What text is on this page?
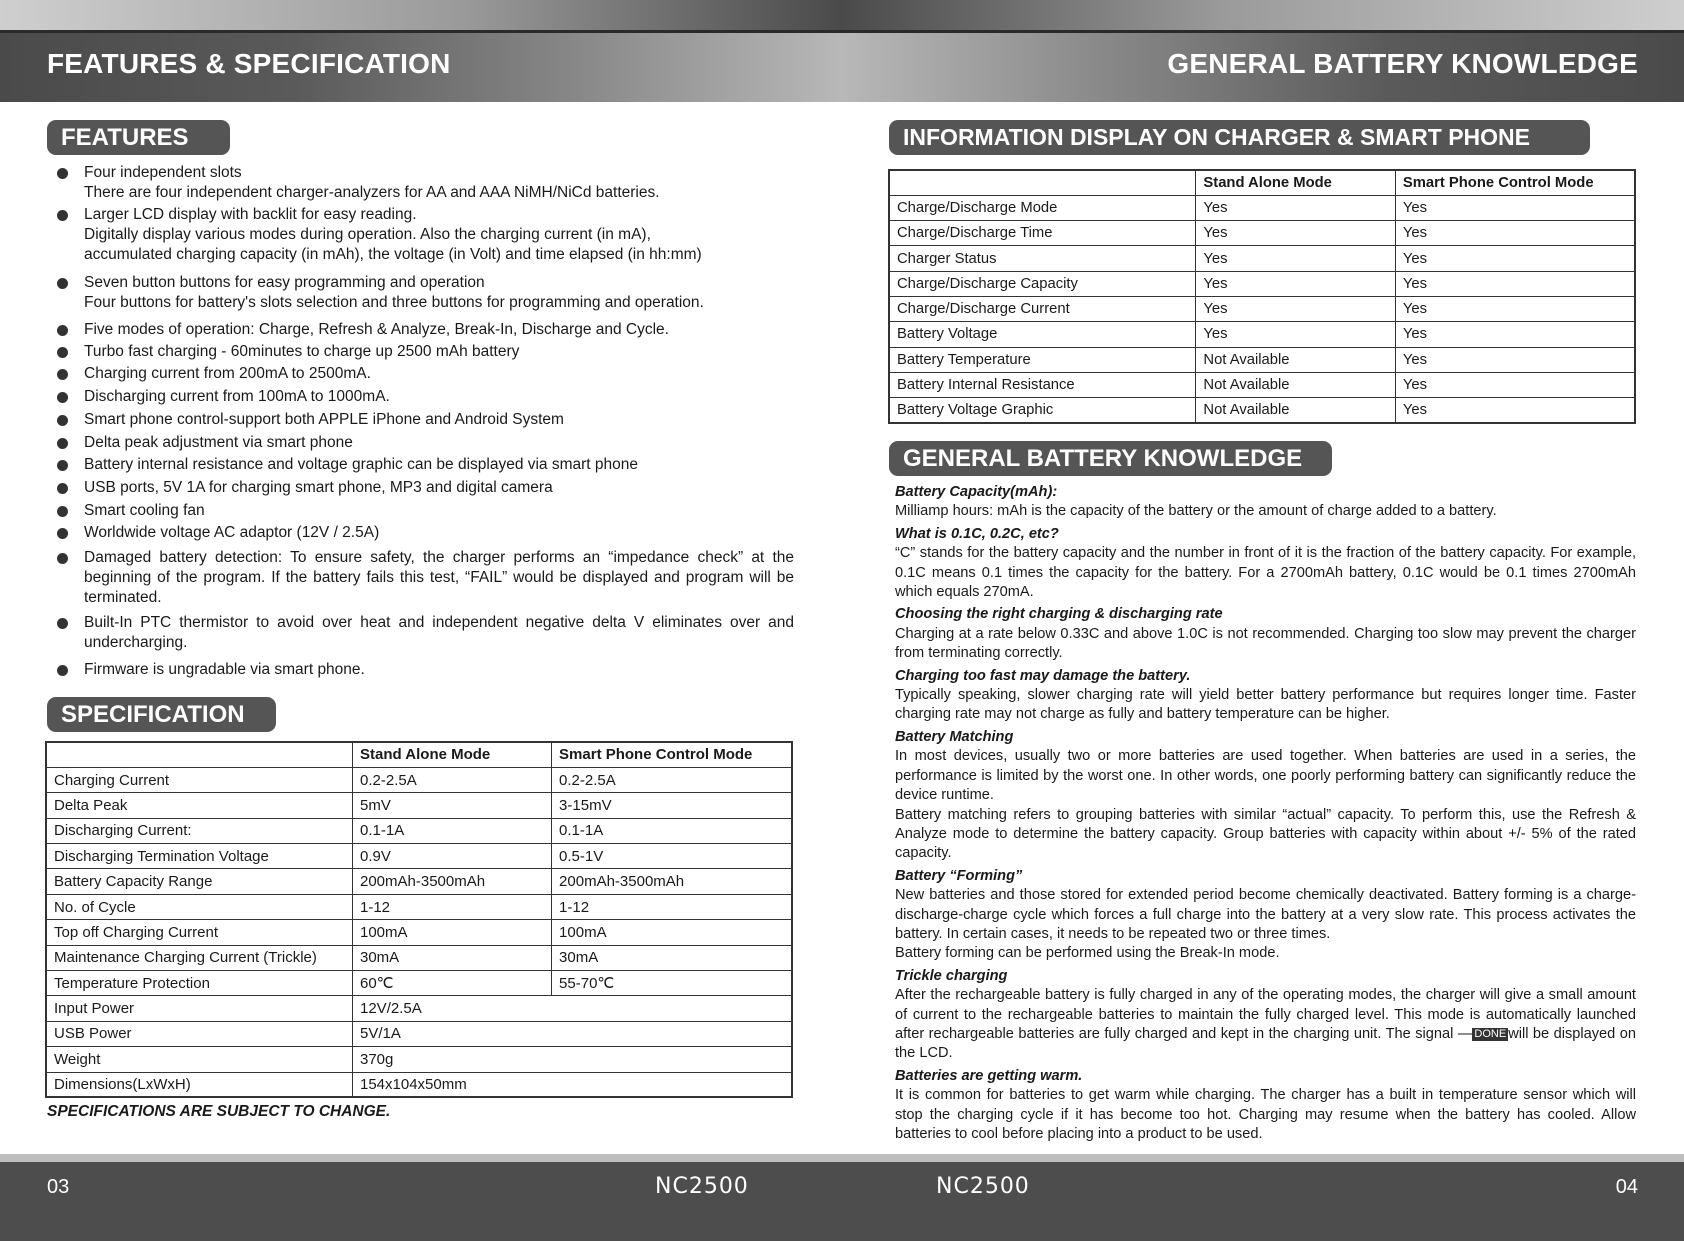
FEATURES & SPECIFICATION
FEATURES

Four independent slots

There are four independent charger-analyzers for AA and AAA NiMH/NiCd batteries.

Larger LCD display with backlit for easy reading.

Digitally display various modes during operation. Also the charging current (in mA),

accumulated charging capacity (in mAh), the voltage (in Volt) and time elapsed (in hh:mm)

Seven button buttons for easy programming and operation

Four buttons for battery's slots selection and three buttons for programming and operation.

Five modes of operation: Charge, Refresh & Analyze, Break-In, Discharge and Cycle.

Turbo fast charging - 60minutes to charge up 2500 mAh battery

Charging current from 200mA to 2500mA.

Discharging current from 100mA to 1000mA.

Smart phone control-support both APPLE iPhone and Android System

Delta peak adjustment via smart phone

Battery internal resistance and voltage graphic can be displayed via smart phone

USB ports, 5V 1A for charging smart phone, MP3 and digital camera

Smart cooling fan

Worldwide voltage AC adaptor (12V / 2.5A)

Damaged battery detection: To ensure safety, the charger performs an “impedance check” at the beginning of the program. If the battery fails this test, “FAIL” would be displayed and program will be terminated.

Built-In PTC thermistor to avoid over heat and independent negative delta V eliminates over and undercharging.

Firmware is ungradable via smart phone.

SPECIFICATION
	Stand Alone Mode	Smart Phone Control Mode
Charging Current	0.2-2.5A	0.2-2.5A
Delta Peak	5mV	3-15mV
Discharging Current:	0.1-1A	0.1-1A
Discharging Termination Voltage	0.9V	0.5-1V
Battery Capacity Range	200mAh-3500mAh	200mAh-3500mAh
No. of Cycle	1-12	1-12
Top off Charging Current	100mA	100mA
Maintenance Charging Current (Trickle)	30mA	30mA
Temperature Protection	60℃	55-70℃
Input Power	12V/2.5A	
USB Power	5V/1A	
Weight	370g	
Dimensions(LxWxH)	154x104x50mm	
SPECIFICATIONS ARE SUBJECT TO CHANGE.
03	NC2500
GENERAL BATTERY KNOWLEDGE
INFORMATION DISPLAY ON CHARGER & SMART PHONE
GENERAL BATTERY KNOWLEDGE
NC2500	04
	Stand Alone Mode	Smart Phone Control Mode
Charge/Discharge Mode	Yes	Yes
Charge/Discharge Time	Yes	Yes
Charger Status	Yes	Yes
Charge/Discharge Capacity	Yes	Yes
Charge/Discharge Current	Yes	Yes
Battery Voltage	Yes	Yes
Battery Temperature	Not Available	Yes
Battery Internal Resistance	Not Available	Yes
Battery Voltage Graphic	Not Available	Yes

Battery Capacity(mAh):

Milliamp hours: mAh is the capacity of the battery or the amount of charge added to a battery.

What is 0.1C, 0.2C, etc?

“C” stands for the battery capacity and the number in front of it is the fraction of the battery capacity. For example, 0.1C means 0.1 times the capacity for the battery. For a 2700mAh battery, 0.1C would be 0.1 times 2700mAh which equals 270mA.

Choosing the right charging & discharging rate

Charging at a rate below 0.33C and above 1.0C is not recommended. Charging too slow may prevent the charger from terminating correctly.

Charging too fast may damage the battery.

Typically speaking, slower charging rate will yield better battery performance but requires longer time. Faster charging rate may not charge as fully and battery temperature can be higher.

Battery Matching

In most devices, usually two or more batteries are used together. When batteries are used in a series, the performance is limited by the worst one. In other words, one poorly performing battery can significantly reduce the device runtime.

Battery matching refers to grouping batteries with similar “actual” capacity. To perform this, use the Refresh & Analyze mode to determine the battery capacity. Group batteries with capacity within about +/- 5% of the rated capacity.

Battery “Forming”

New batteries and those stored for extended period become chemically deactivated. Battery forming is a charge-discharge-charge cycle which forces a full charge into the battery at a very slow rate. This process activates the battery. In certain cases, it needs to be repeated two or three times.

Battery forming can be performed using the Break-In mode.

Trickle charging

After the rechargeable battery is fully charged in any of the operating modes, the charger will give a small amount of current to the rechargeable batteries to maintain the fully charged level. This mode is automatically launched after rechargeable batteries are fully charged and kept in the charging unit. The signal — DONE will be displayed on the LCD.

Batteries are getting warm.

It is common for batteries to get warm while charging. The charger has a built in temperature sensor which will stop the charging cycle if it has become too hot. Charging may resume when the battery has cooled. Allow batteries to cool before placing into a product to be used.
